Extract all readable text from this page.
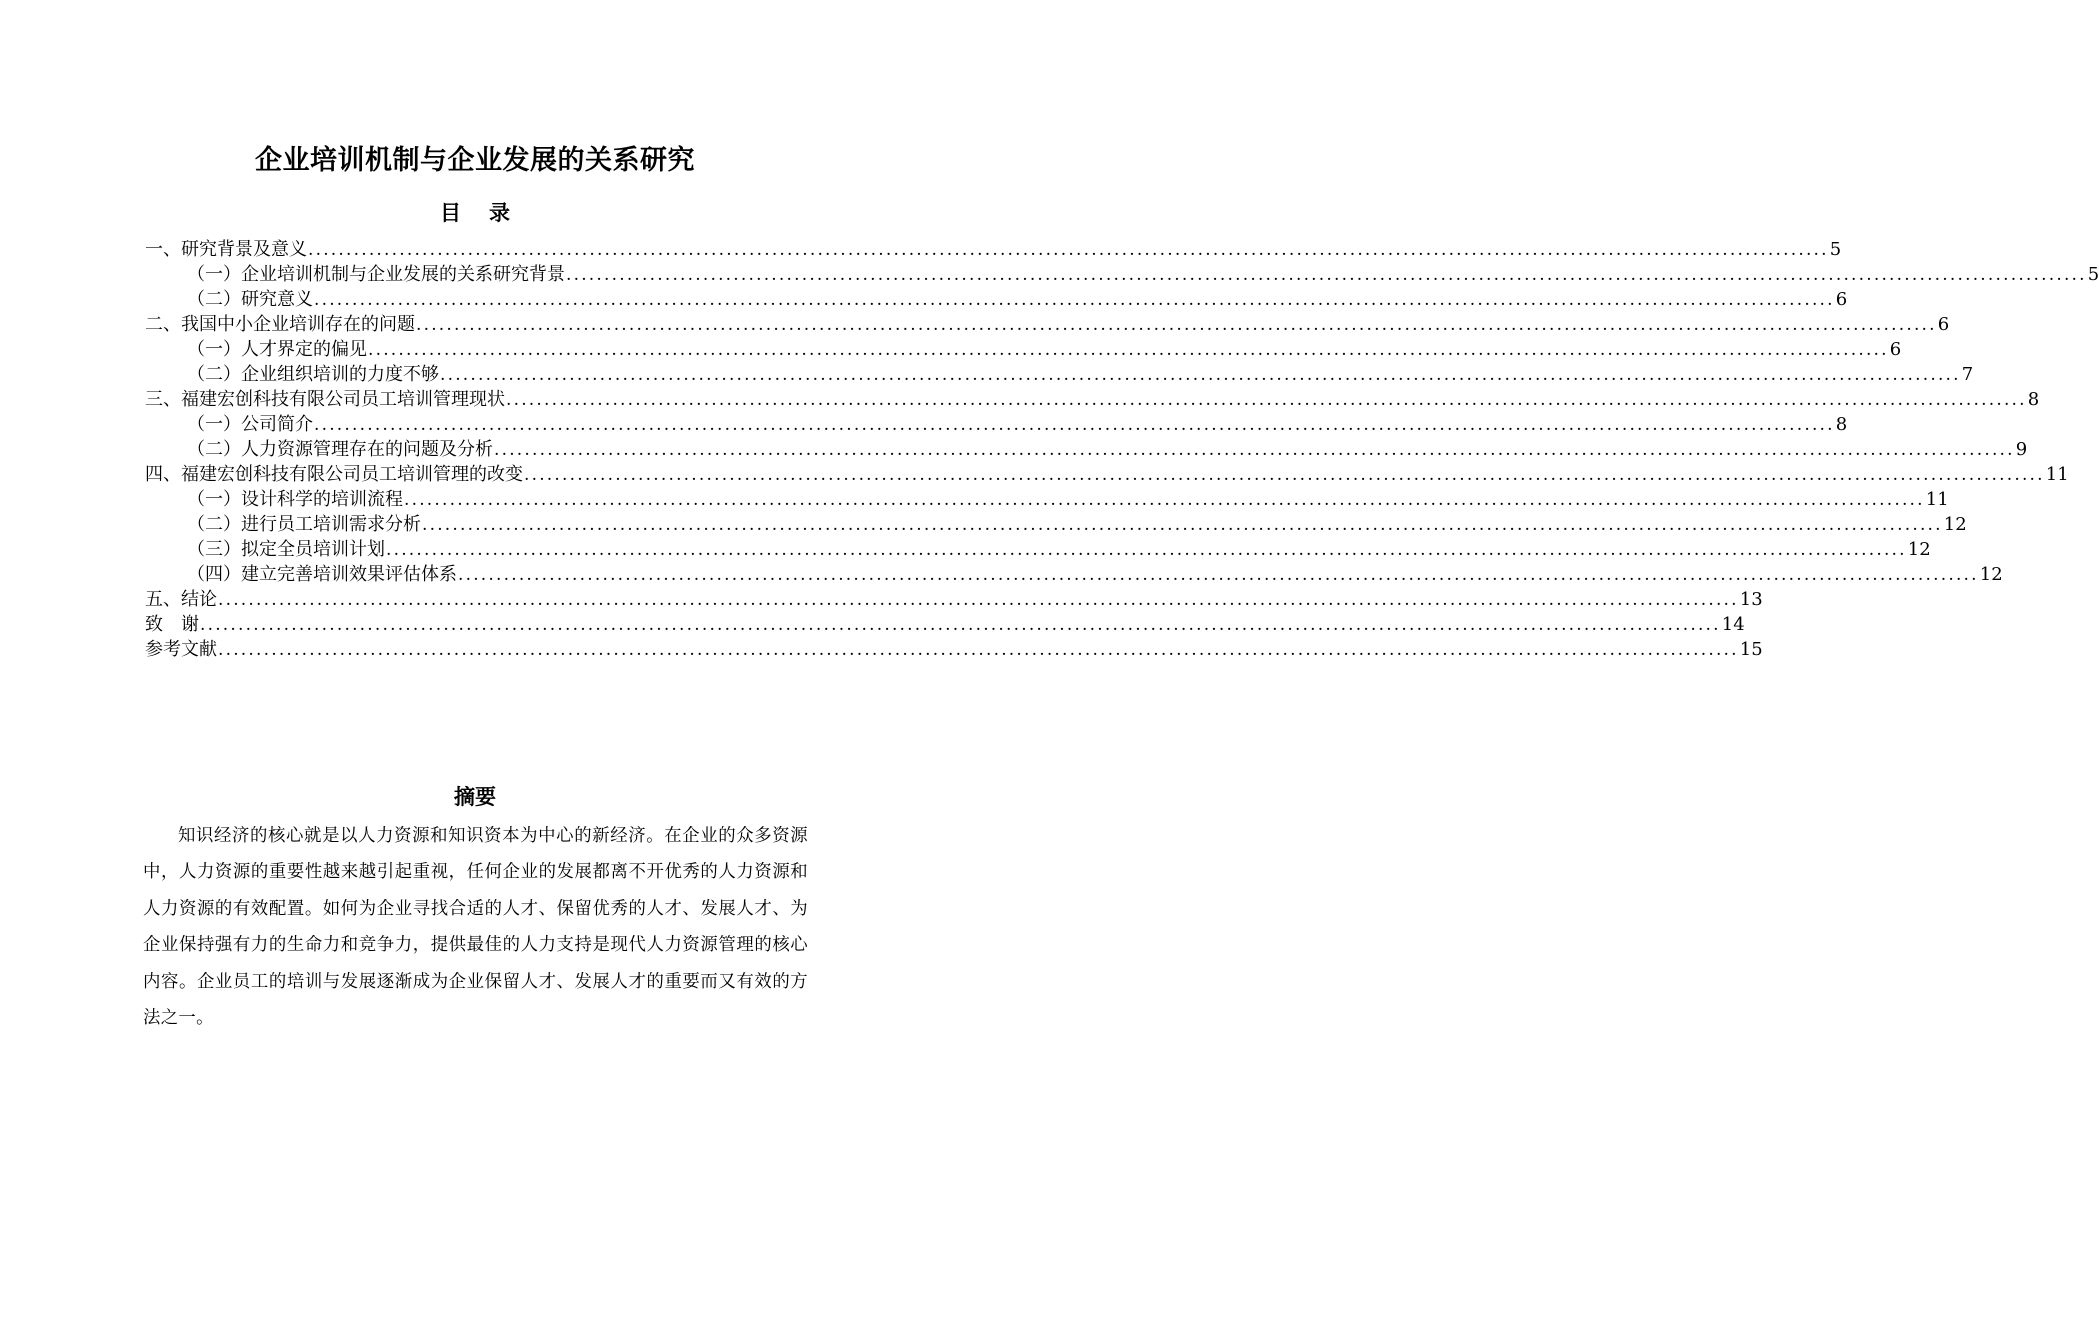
企业培训机制与企业发展的关系研究
目 录
一、研究背景及意义 ........................................................................................................................................................................................................ 5
（一）企业培训机制与企业发展的关系研究背景 ........................................................................................................................................................................................................ 5
（二）研究意义 ........................................................................................................................................................................................................ 6
二、我国中小企业培训存在的问题 ........................................................................................................................................................................................................ 6
（一）人才界定的偏见 ........................................................................................................................................................................................................ 6
（二）企业组织培训的力度不够 ........................................................................................................................................................................................................ 7
三、福建宏创科技有限公司员工培训管理现状 ........................................................................................................................................................................................................ 8
（一）公司简介 ........................................................................................................................................................................................................ 8
（二）人力资源管理存在的问题及分析 ........................................................................................................................................................................................................ 9
四、福建宏创科技有限公司员工培训管理的改变 ........................................................................................................................................................................................................ 11
（一）设计科学的培训流程 ........................................................................................................................................................................................................ 11
（二）进行员工培训需求分析 ........................................................................................................................................................................................................ 12
（三）拟定全员培训计划 ........................................................................................................................................................................................................ 12
（四）建立完善培训效果评估体系 ........................................................................................................................................................................................................ 12
五、结论 ........................................................................................................................................................................................................ 13
致　谢 ........................................................................................................................................................................................................ 14
参考文献 ........................................................................................................................................................................................................ 15
摘要
知识经济的核心就是以人力资源和知识资本为中心的新经济。在企业的众多资源中，人力资源的重要性越来越引起重视，任何企业的发展都离不开优秀的人力资源和人力资源的有效配置。如何为企业寻找合适的人才、保留优秀的人才、发展人才、为企业保持强有力的生命力和竞争力，提供最佳的人力支持是现代人力资源管理的核心内容。企业员工的培训与发展逐渐成为企业保留人才、发展人才的重要而又有效的方法之一。
